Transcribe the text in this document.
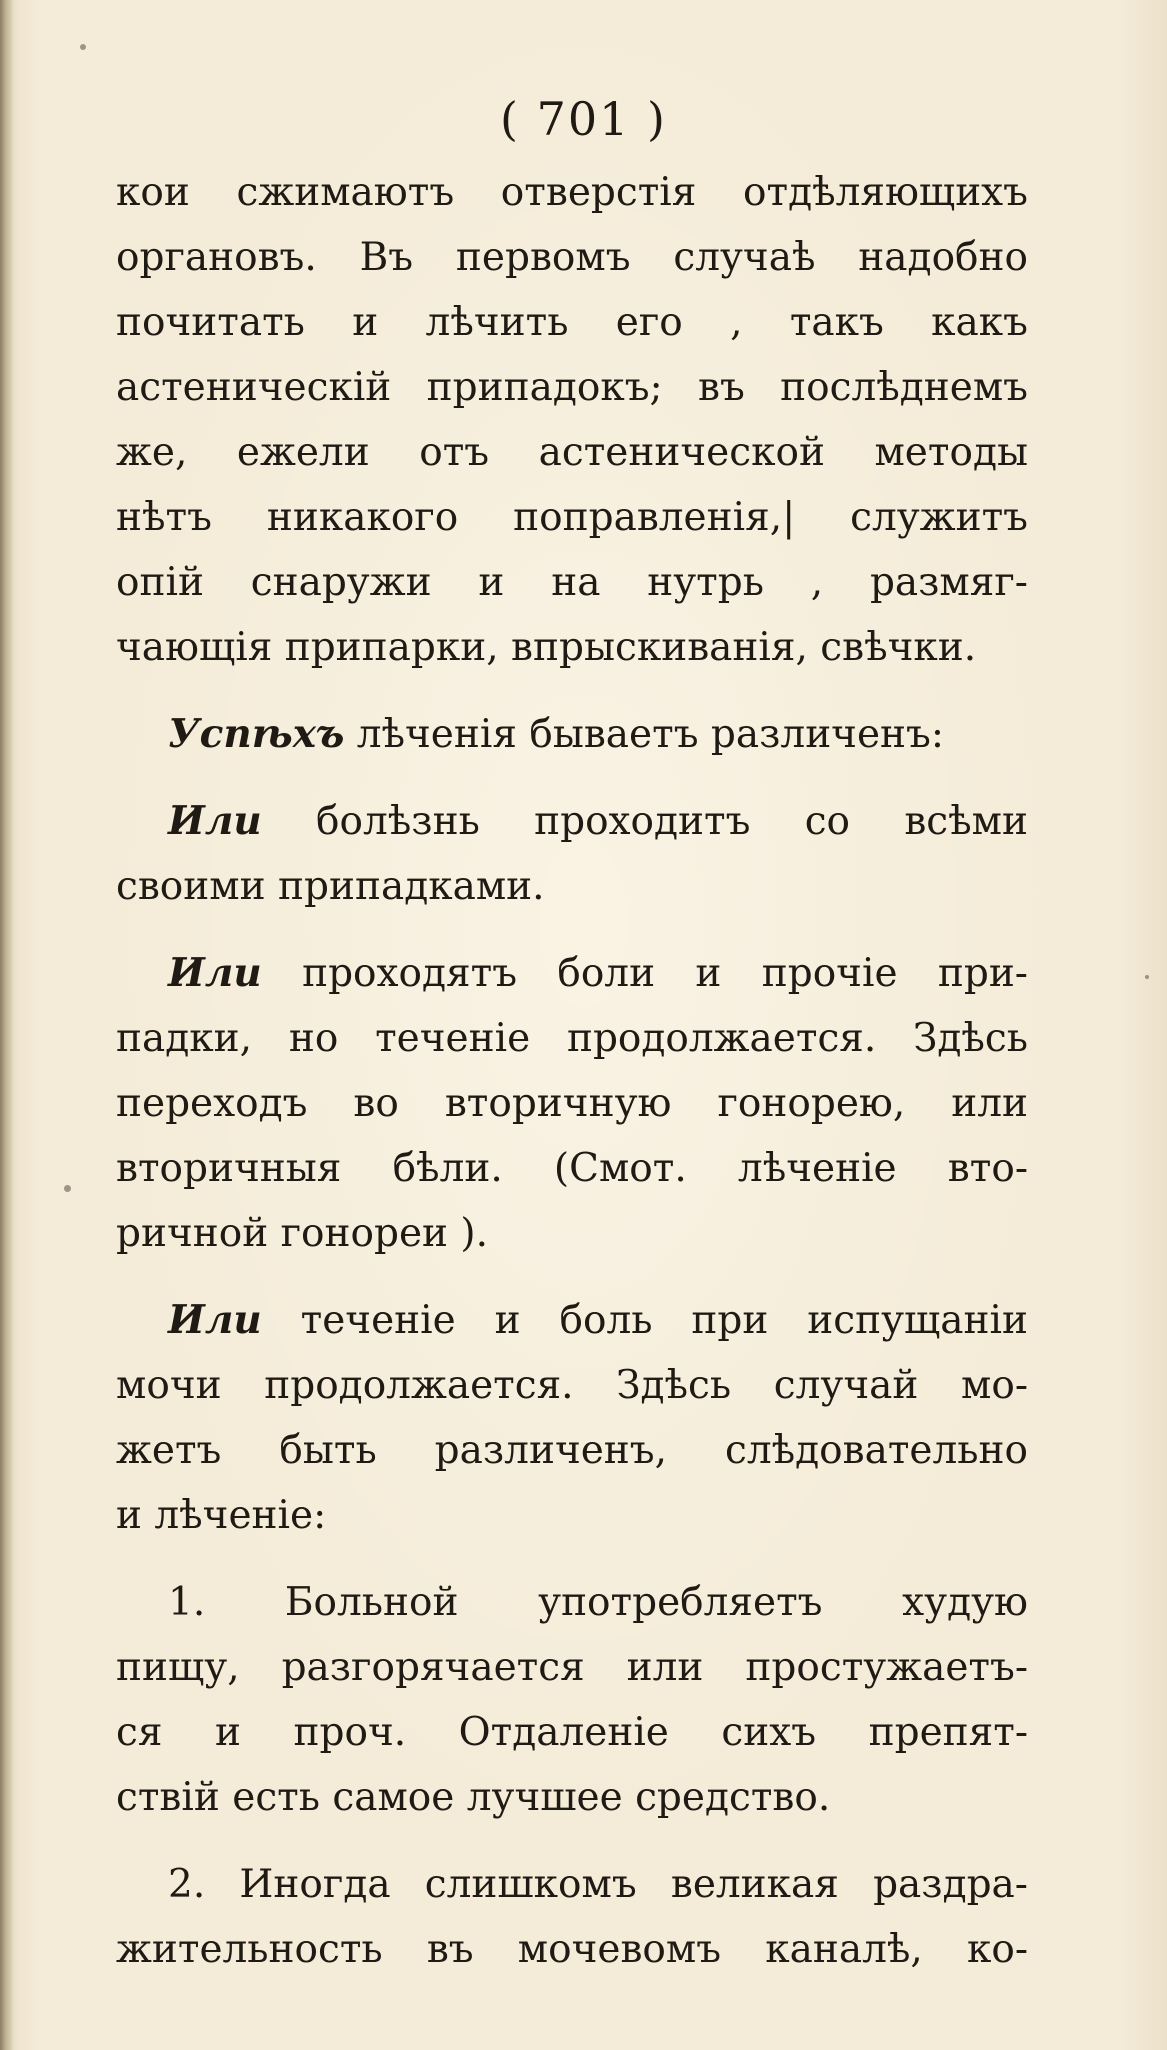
( 701 )

кои сжимаютъ отверстiя отдѣляющихъ
органовъ. Въ первомъ случаѣ надобно
почитать и лѣчить его , такъ какъ
астеническiй припадокъ; въ послѣднемъ
же, ежели отъ астенической методы
нѣтъ никакого поправленiя,| служитъ
опiй снаружи и на нутрь , размяг-
чающiя припарки, впрыскиванiя, свѣчки.

Успѣхъ лѣченiя бываетъ различенъ:

Или болѣзнь проходитъ со всѣми
своими припадками.

Или проходятъ боли и прочiе при-
падки, но теченiе продолжается. Здѣсь
переходъ во вторичную гонорею, или
вторичныя бѣли. (Смот. лѣченiе вто-
ричной гонореи ).

Или теченiе и боль при испущанiи
мочи продолжается. Здѣсь случай мо-
жетъ быть различенъ, слѣдовательно
и лѣченiе:

1. Больной употребляетъ худую
пищу, разгорячается или простужаетъ-
ся и проч. Отдаленiе сихъ препят-
ствiй есть самое лучшее средство.

2. Иногда слишкомъ великая раздра-
жительность въ мочевомъ каналѣ, ко-
